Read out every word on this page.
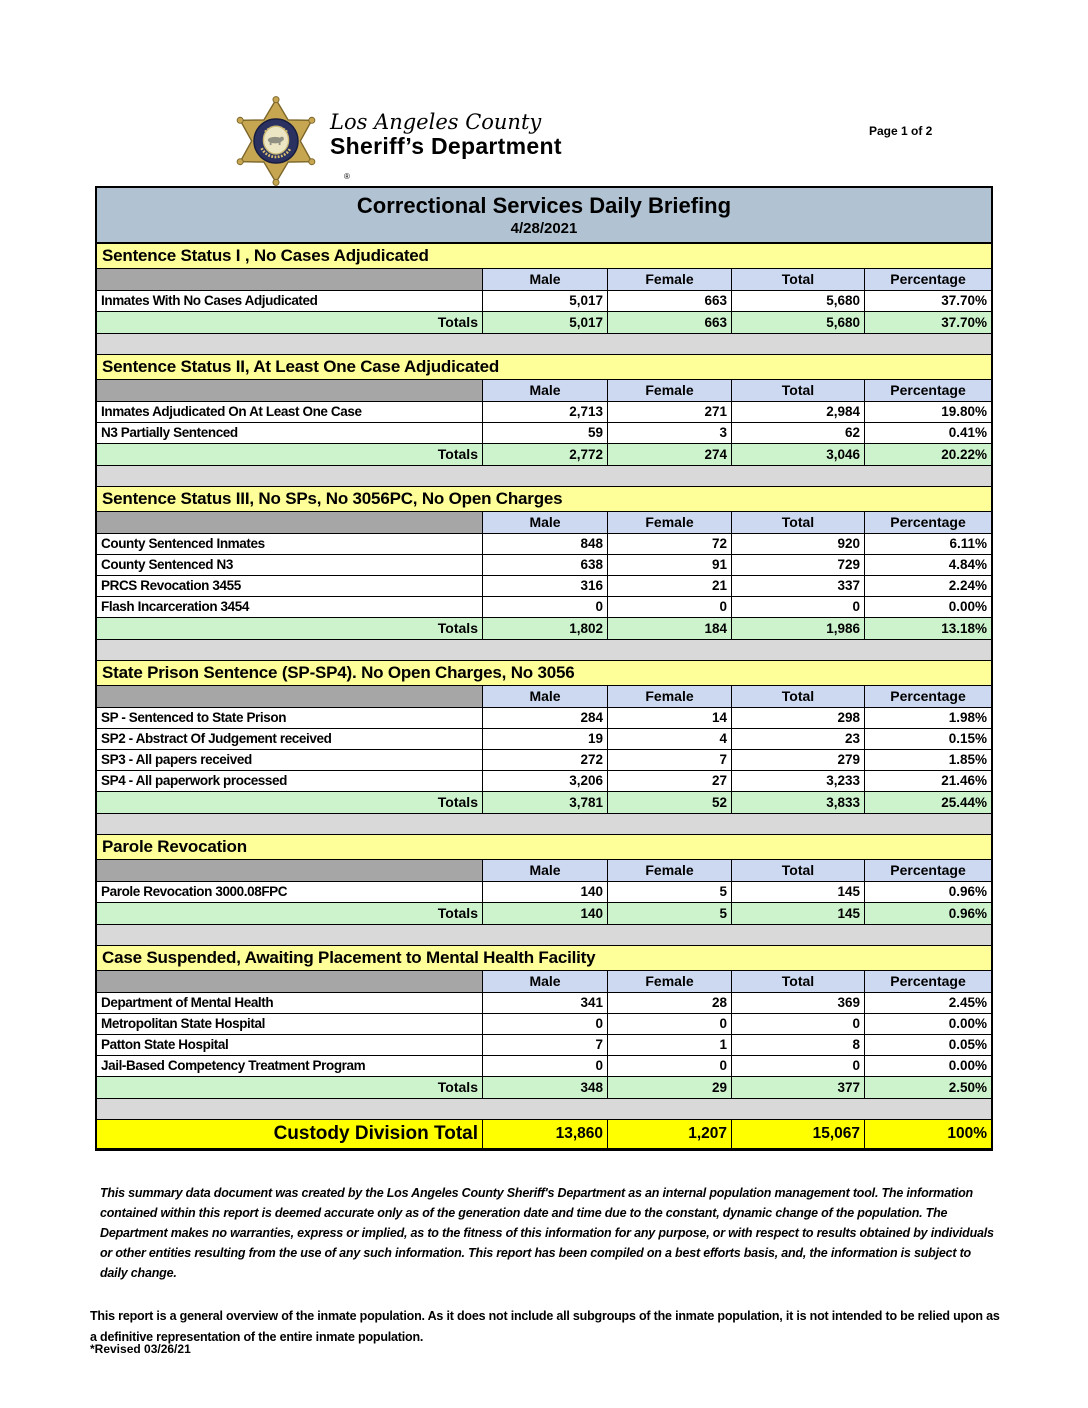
Los Angeles County
Sheriff’s Department
®
Page 1 of 2
Correctional Services Daily Briefing
4/28/2021
Sentence Status I , No Cases Adjudicated
Male	Female	Total	Percentage
Inmates With No Cases Adjudicated	5,017	663	5,680	37.70%
Totals	5,017	663	5,680	37.70%
Sentence Status II, At Least One Case Adjudicated
Male	Female	Total	Percentage
Inmates Adjudicated On At Least One Case	2,713	271	2,984	19.80%
N3 Partially Sentenced	59	3	62	0.41%
Totals	2,772	274	3,046	20.22%
Sentence Status III, No SPs, No 3056PC, No Open Charges
Male	Female	Total	Percentage
County Sentenced Inmates	848	72	920	6.11%
County Sentenced N3	638	91	729	4.84%
PRCS Revocation 3455	316	21	337	2.24%
Flash Incarceration 3454	0	0	0	0.00%
Totals	1,802	184	1,986	13.18%
State Prison Sentence (SP-SP4). No Open Charges, No 3056
Male	Female	Total	Percentage
SP - Sentenced to State Prison	284	14	298	1.98%
SP2 - Abstract Of Judgement received	19	4	23	0.15%
SP3 - All papers received	272	7	279	1.85%
SP4 - All paperwork processed	3,206	27	3,233	21.46%
Totals	3,781	52	3,833	25.44%
Parole Revocation
Male	Female	Total	Percentage
Parole Revocation 3000.08FPC	140	5	145	0.96%
Totals	140	5	145	0.96%
Case Suspended, Awaiting Placement to Mental Health Facility
Male	Female	Total	Percentage
Department of Mental Health	341	28	369	2.45%
Metropolitan State Hospital	0	0	0	0.00%
Patton State Hospital	7	1	8	0.05%
Jail-Based Competency Treatment Program	0	0	0	0.00%
Totals	348	29	377	2.50%
Custody Division Total	13,860	1,207	15,067	100%

This summary data document was created by the Los Angeles County Sheriff's Department as an internal population management tool. The information contained within this report is deemed accurate only as of the generation date and time due to the constant, dynamic change of the population. The Department makes no warranties, express or implied, as to the fitness of this information for any purpose, or with respect to results obtained by individuals or other entities resulting from the use of any such information. This report has been compiled on a best efforts basis, and, the information is subject to daily change.

This report is a general overview of the inmate population. As it does not include all subgroups of the inmate population, it is not intended to be relied upon as a definitive representation of the entire inmate population.

*Revised 03/26/21
